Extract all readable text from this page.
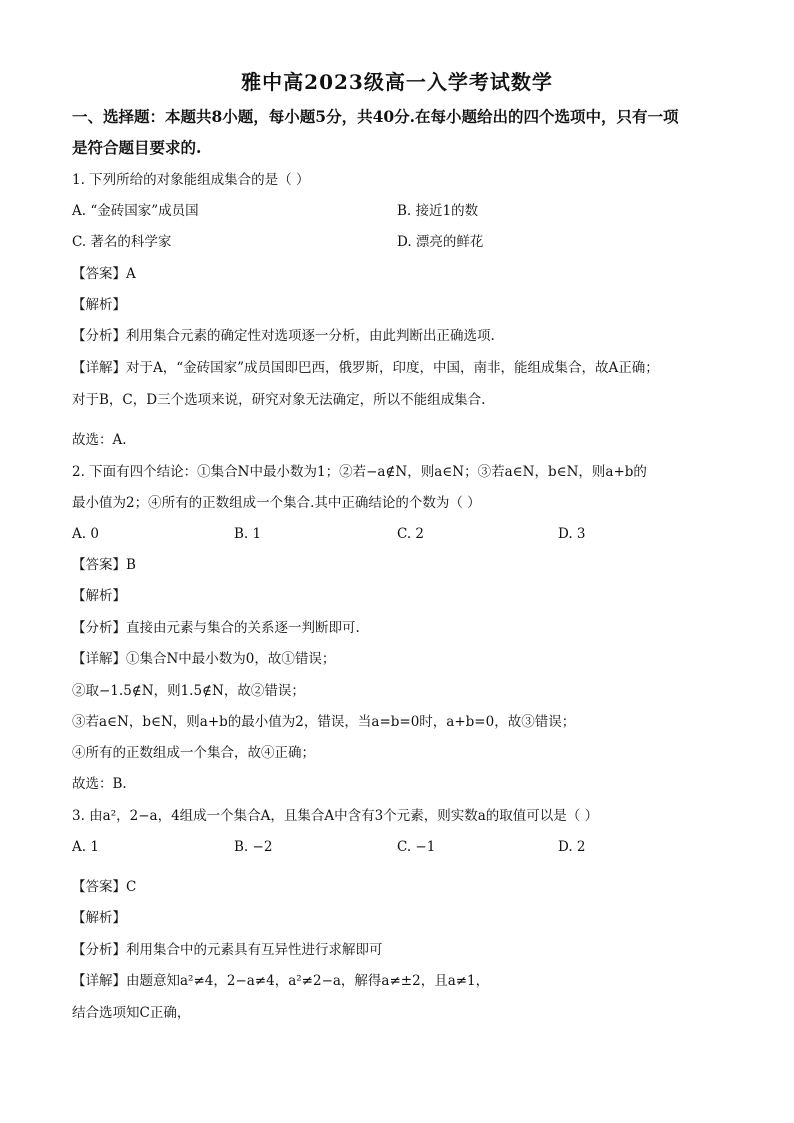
雅中高2023级高一入学考试数学
一、选择题：本题共8小题，每小题5分，共40分.在每小题给出的四个选项中，只有一项
是符合题目要求的.
1. 下列所给的对象能组成集合的是（ ）
A. “金砖国家”成员国	B. 接近1的数
C. 著名的科学家	D. 漂亮的鲜花
【答案】A
【解析】
【分析】利用集合元素的确定性对选项逐一分析，由此判断出正确选项.
【详解】对于A，“金砖国家”成员国即巴西，俄罗斯，印度，中国，南非，能组成集合，故A正确；
对于B，C，D三个选项来说，研究对象无法确定，所以不能组成集合.
故选：A.
2. 下面有四个结论：①集合N中最小数为1；②若−a∉N，则a∈N；③若a∈N，b∈N，则a+b的
最小值为2；④所有的正数组成一个集合.其中正确结论的个数为（ ）
A. 0	B. 1	C. 2	D. 3
【答案】B
【解析】
【分析】直接由元素与集合的关系逐一判断即可.
【详解】①集合N中最小数为0，故①错误；
②取−1.5∉N，则1.5∉N，故②错误；
③若a∈N，b∈N，则a+b的最小值为2，错误，当a=b=0时，a+b=0，故③错误；
④所有的正数组成一个集合，故④正确；
故选：B.
3. 由a²，2−a，4组成一个集合A，且集合A中含有3个元素，则实数a的取值可以是（ ）
A. 1	B. −2	C. −1	D. 2
【答案】C
【解析】
【分析】利用集合中的元素具有互异性进行求解即可
【详解】由题意知a²≠4，2−a≠4，a²≠2−a，解得a≠±2，且a≠1，
结合选项知C正确，
